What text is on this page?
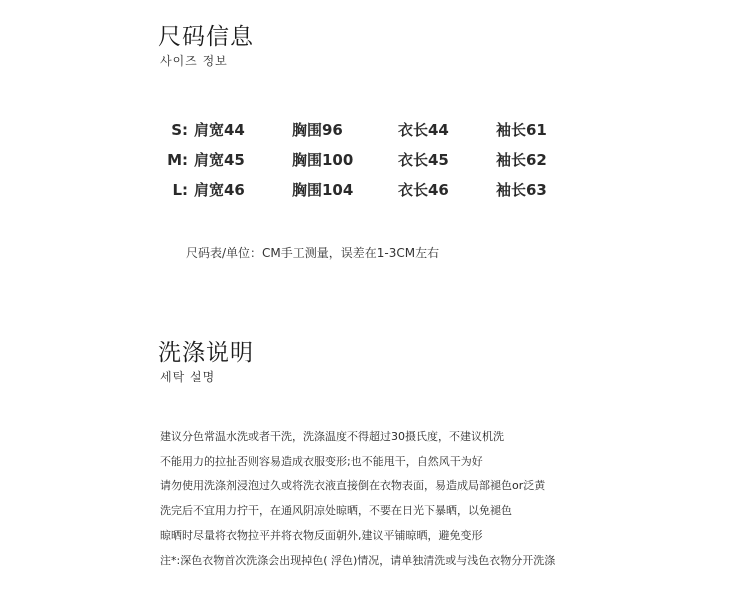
尺码信息
사이즈 정보
S: 肩宽44	胸围96	衣长44	袖长61
M: 肩宽45	胸围100	衣长45	袖长62
L: 肩宽46	胸围104	衣长46	袖长63
尺码表/单位：CM手工测量，误差在1-3CM左右
洗涤说明
세탁 설명
建议分色常温水洗或者干洗，洗涤温度不得超过30摄氏度，不建议机洗
不能用力的拉扯否则容易造成衣服变形;也不能甩干，自然风干为好
请勿使用洗涤剂浸泡过久或将洗衣液直接倒在衣物表面，易造成局部褪色or泛黄
洗完后不宜用力拧干，在通风阴凉处晾晒，不要在日光下暴晒，以免褪色
晾晒时尽量将衣物拉平并将衣物反面朝外,建议平铺晾晒，避免变形
注*:深色衣物首次洗涤会出现掉色( 浮色)情况，请单独清洗或与浅色衣物分开洗涤
